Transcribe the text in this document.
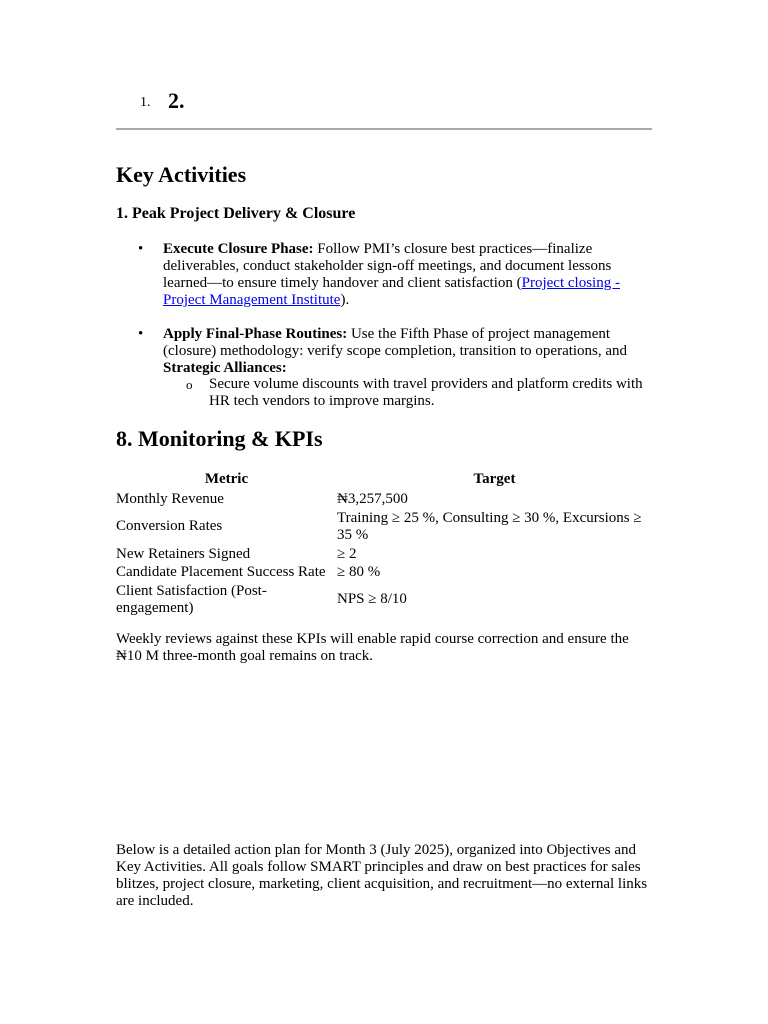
1. 2.
Key Activities
1. Peak Project Delivery & Closure
• Execute Closure Phase: Follow PMI’s closure best practices—finalize deliverables, conduct stakeholder sign-off meetings, and document lessons learned—to ensure timely handover and client satisfaction (Project closing - Project Management Institute).
• Apply Final-Phase Routines: Use the Fifth Phase of project management (closure) methodology: verify scope completion, transition to operations, and
Strategic Alliances:
o Secure volume discounts with travel providers and platform credits with HR tech vendors to improve margins.
8. Monitoring & KPIs
Metric	Target
Monthly Revenue	₦3,257,500
Conversion Rates	Training ≥ 25 %, Consulting ≥ 30 %, Excursions ≥ 35 %
New Retainers Signed	≥ 2
Candidate Placement Success Rate	≥ 80 %
Client Satisfaction (Post-engagement)	NPS ≥ 8/10
Weekly reviews against these KPIs will enable rapid course correction and ensure the ₦10 M three-month goal remains on track.
Below is a detailed action plan for Month 3 (July 2025), organized into Objectives and Key Activities. All goals follow SMART principles and draw on best practices for sales blitzes, project closure, marketing, client acquisition, and recruitment—no external links are included.
